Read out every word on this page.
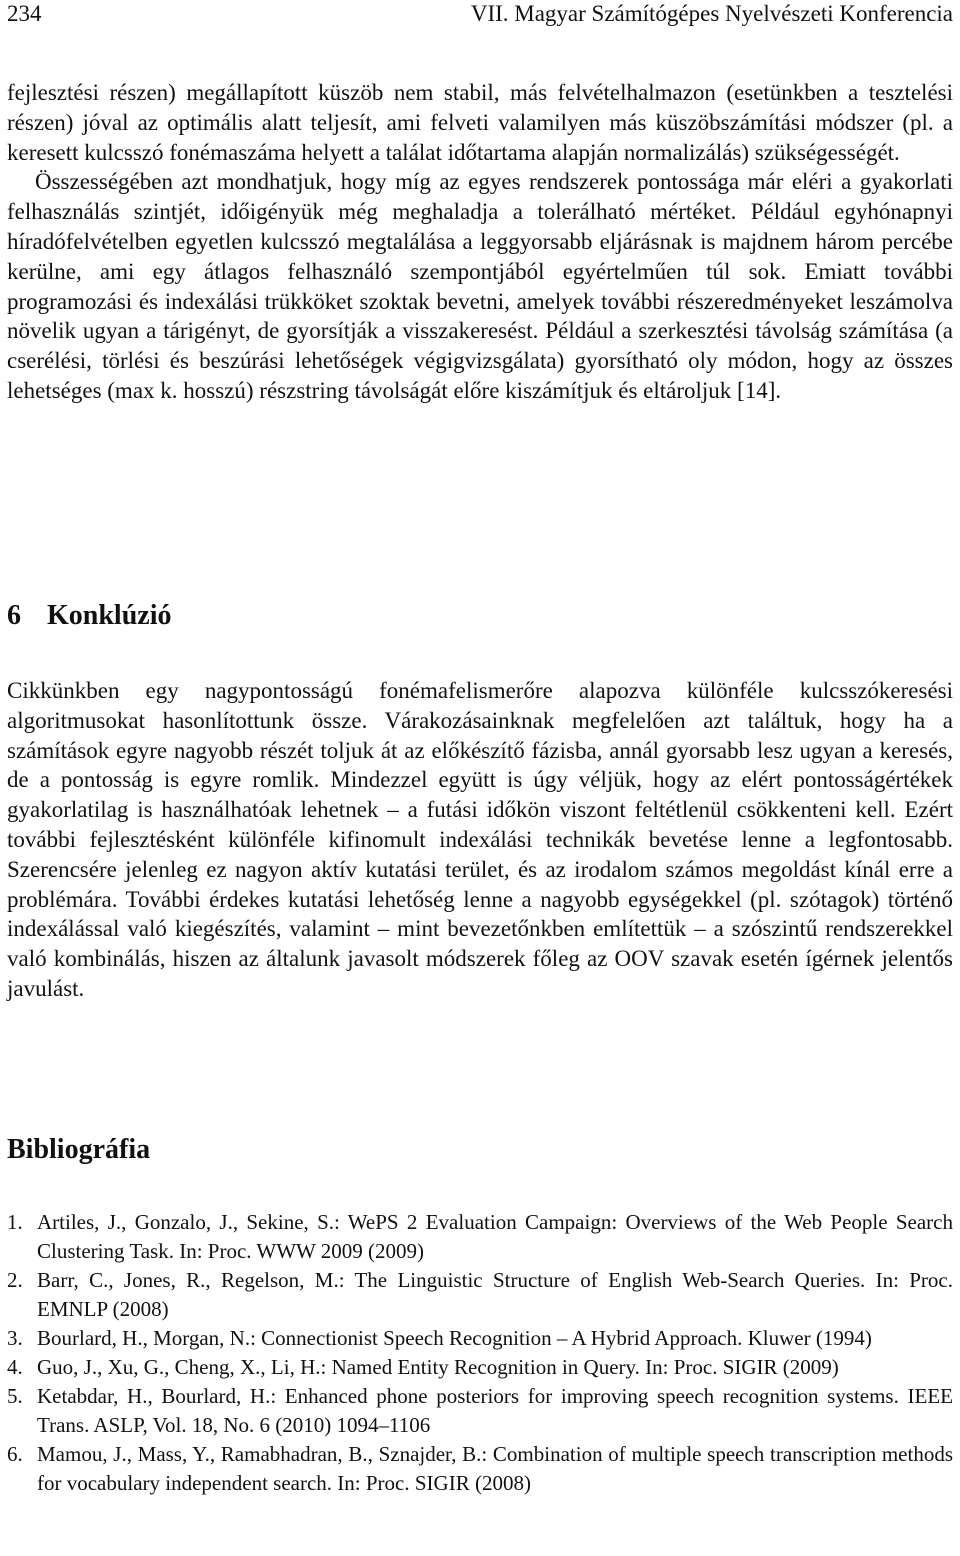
234	VII. Magyar Számítógépes Nyelvészeti Konferencia

fejlesztési részen) megállapított küszöb nem stabil, más felvételhalmazon (esetünkben a tesztelési részen) jóval az optimális alatt teljesít, ami felveti valamilyen más küszöbszámítási módszer (pl. a keresett kulcsszó fonémaszáma helyett a találat időtartama alapján normalizálás) szükségességét.

Összességében azt mondhatjuk, hogy míg az egyes rendszerek pontossága már eléri a gyakorlati felhasználás szintjét, időigényük még meghaladja a tolerálható mértéket. Például egyhónapnyi híradófelvételben egyetlen kulcsszó megtalálása a leggyorsabb eljárásnak is majdnem három percébe kerülne, ami egy átlagos felhasználó szempontjából egyértelműen túl sok. Emiatt további programozási és indexálási trükköket szoktak bevetni, amelyek további részeredményeket leszámolva növelik ugyan a tárigényt, de gyorsítják a visszakeresést. Például a szerkesztési távolság számítása (a cserélési, törlési és beszúrási lehetőségek végigvizsgálata) gyorsítható oly módon, hogy az összes lehetséges (max k. hosszú) részstring távolságát előre kiszámítjuk és eltároljuk [14].

6 Konklúzió

Cikkünkben egy nagypontosságú fonémafelismerőre alapozva különféle kulcsszókeresési algoritmusokat hasonlítottunk össze. Várakozásainknak megfelelően azt találtuk, hogy ha a számítások egyre nagyobb részét toljuk át az előkészítő fázisba, annál gyorsabb lesz ugyan a keresés, de a pontosság is egyre romlik. Mindezzel együtt is úgy véljük, hogy az elért pontosságértékek gyakorlatilag is használhatóak lehetnek – a futási időkön viszont feltétlenül csökkenteni kell. Ezért további fejlesztésként különféle kifinomult indexálási technikák bevetése lenne a legfontosabb. Szerencsére jelenleg ez nagyon aktív kutatási terület, és az irodalom számos megoldást kínál erre a problémára. További érdekes kutatási lehetőség lenne a nagyobb egységekkel (pl. szótagok) történő indexálással való kiegészítés, valamint – mint bevezetőnkben említettük – a szószintű rendszerekkel való kombinálás, hiszen az általunk javasolt módszerek főleg az OOV szavak esetén ígérnek jelentős javulást.

Bibliográfia
1. Artiles, J., Gonzalo, J., Sekine, S.: WePS 2 Evaluation Campaign: Overviews of the Web People Search Clustering Task. In: Proc. WWW 2009 (2009)
2. Barr, C., Jones, R., Regelson, M.: The Linguistic Structure of English Web-Search Queries. In: Proc. EMNLP (2008)
3. Bourlard, H., Morgan, N.: Connectionist Speech Recognition – A Hybrid Approach. Kluwer (1994)
4. Guo, J., Xu, G., Cheng, X., Li, H.: Named Entity Recognition in Query. In: Proc. SIGIR (2009)
5. Ketabdar, H., Bourlard, H.: Enhanced phone posteriors for improving speech recognition systems. IEEE Trans. ASLP, Vol. 18, No. 6 (2010) 1094–1106
6. Mamou, J., Mass, Y., Ramabhadran, B., Sznajder, B.: Combination of multiple speech transcription methods for vocabulary independent search. In: Proc. SIGIR (2008)
